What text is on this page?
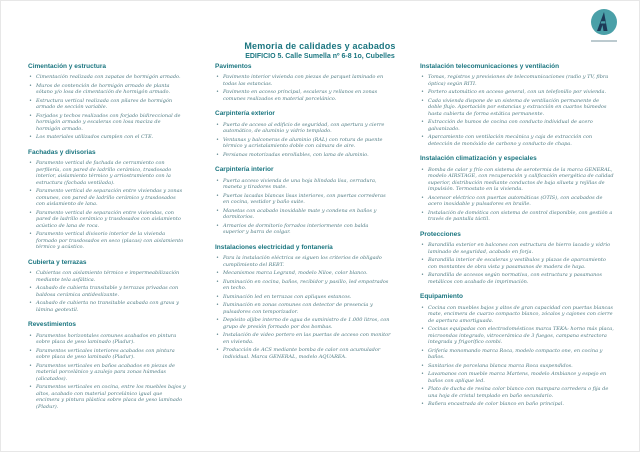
Memoria de calidades y acabados
EDIFICIO 5. Calle Sumella nº 6-8 1o, Cubelles
Cimentación y estructura
• Cimentación realizada con zapatas de hormigón armado.
• Muros de contención de hormigón armado de planta sótano y/o losa de cimentación de hormigón armado.
• Estructura vertical realizada con pilares de hormigón armado de sección variable.
• Forjados y techos realizados con forjado bidireccional de hormigón armado y escaleras con losa maciza de hormigón armado.
• Los materiales utilizados cumplen con el CTE.
Fachadas y divisorias
• Paramento vertical de fachada de cerramiento con perfilería, con pared de ladrillo cerámico, trasdosado interior, aislamiento térmico y arriostramiento con la estructura (fachada ventilada).
• Paramento vertical de separación entre viviendas y zonas comunes, con pared de ladrillo cerámico y trasdosados con aislamiento de lana.
• Paramento vertical de separación entre viviendas, con pared de ladrillo cerámico y trasdosados con aislamiento acústico de lana de roca.
• Paramento vertical divisorio interior de la vivienda formado por trasdosados en seco (placas) con aislamiento térmico y acústico.
Cubierta y terrazas
• Cubiertas con aislamiento térmico e impermeabilización mediante tela asfáltica.
• Acabado de cubierta transitable y terrazas privadas con baldosa cerámica antideslizante.
• Acabado de cubierta no transitable acabada con grava y lámina geotextil.
Revestimientos
• Paramentos horizontales comunes acabados en pintura sobre placa de yeso laminado (Pladur).
• Paramentos verticales interiores acabados con pintura sobre placa de yeso laminado (Pladur).
• Paramentos verticales en baños acabados en piezas de material porcelánico y azulejo para zonas húmedas (alicatados).
• Paramentos verticales en cocina, entre los muebles bajos y altos, acabado con material porcelánico igual que encimera y pintura plástica sobre placa de yeso laminado (Pladur).
Pavimentos
• Pavimento interior vivienda con piezas de parquet laminado en todas las estancias.
• Pavimento en acceso principal, escaleras y rellanos en zonas comunes realizados en material porcelánico.
Carpintería exterior
• Puerta de acceso al edificio de seguridad, con apertura y cierre automático, de aluminio y vidrio templado.
• Ventanas y balconeras de aluminio (RAL) con rotura de puente térmico y acristalamiento doble con cámara de aire.
• Persianas motorizadas enrollables, con lama de aluminio.
Carpintería interior
• Puerta acceso vivienda de una hoja blindada lisa, cerradura, maneta y tiradores mate.
• Puertas lacadas blancas lisas interiores, con puertas correderas en cocina, vestidor y baño suite.
• Manetas con acabado inoxidable mate y condena en baños y dormitorios.
• Armarios de dormitorio forrados interiormente con balda superior y barra de colgar.
Instalaciones electricidad y fontanería
• Para la instalación eléctrica se siguen los criterios de obligado cumplimiento del REBT.
• Mecanismos marca Legrand, modelo Niloe, color blanco.
• Iluminación en cocina, baños, recibidor y pasillo, led empotrados en techo.
• Iluminación led en terrazas con apliques estancos.
• Iluminación en zonas comunes con detector de presencia y pulsadores con temporizador.
• Depósito aljibe interno de agua de suministro de 1.000 litros, con grupo de presión formado por dos bombas.
• Instalación de video portero en las puertas de acceso con monitor en vivienda.
• Producción de ACS mediante bomba de calor con acumulador individual. Marca GENERAL, modelo AQUAREA.
Instalación telecomunicaciones y ventilación
• Tomas, registros y previsiones de telecomunicaciones (radio y TV, fibra óptica) según RITI.
• Portero automático en acceso general, con un telefonillo por vivienda.
• Cada vivienda dispone de un sistema de ventilación permanente de doble flujo. Aportación por estancias y extracción en cuartos húmedos hasta cubierta de forma estática permanente.
• Extracción de humos de cocina con conducto individual de acero galvanizado.
• Aparcamiento con ventilación mecánica y caja de extracción con detección de monóxido de carbono y conducto de chapa.
Instalación climatización y especiales
• Bomba de calor y frío con sistema de aerotermia de la marca GENERAL, modelo AIRSTAGE, con recuperación y calificación energética de calidad superior, distribución mediante conductos de baja silueta y rejillas de impulsión. Termostato en la vivienda.
• Ascensor eléctrico con puertas automáticas (OTIS), con acabados de acero inoxidable y pulsadores en braille.
• Instalación de domótica con sistema de control disponible, con gestión a través de pantalla táctil.
Protecciones
• Barandilla exterior en balcones con estructura de hierro lacado y vidrio laminado de seguridad, acabado en forja.
• Barandilla interior de escaleras y vestíbulos y plazas de aparcamiento con montantes de obra vista y pasamanos de madera de haya.
• Barandilla de accesos según normativa, con estructura y pasamanos metálicos con acabado de imprimación.
Equipamiento
• Cocina con muebles bajos y altos de gran capacidad con puertas blancas mate, encimera de cuarzo compacto blanco, zócalos y cajones con cierre de apertura amortiguada.
• Cocinas equipadas con electrodomésticos marca TEKA: horno más placa, microondas integrado, vitrocerámica de 3 fuegos, campana extractora integrada y frigorífico combi.
• Grifería monomando marca Roca, modelo compacto one, en cocina y baños.
• Sanitarios de porcelana blanca marca Roca suspendidos.
• Lavamanos con mueble marca Martens, modelo Ambiance y espejo en baños con aplique led.
• Plato de ducha de resina color blanco con mampara corredera o fija de una hoja de cristal templado en baño secundario.
• Bañera encastrada de color blanco en baño principal.
